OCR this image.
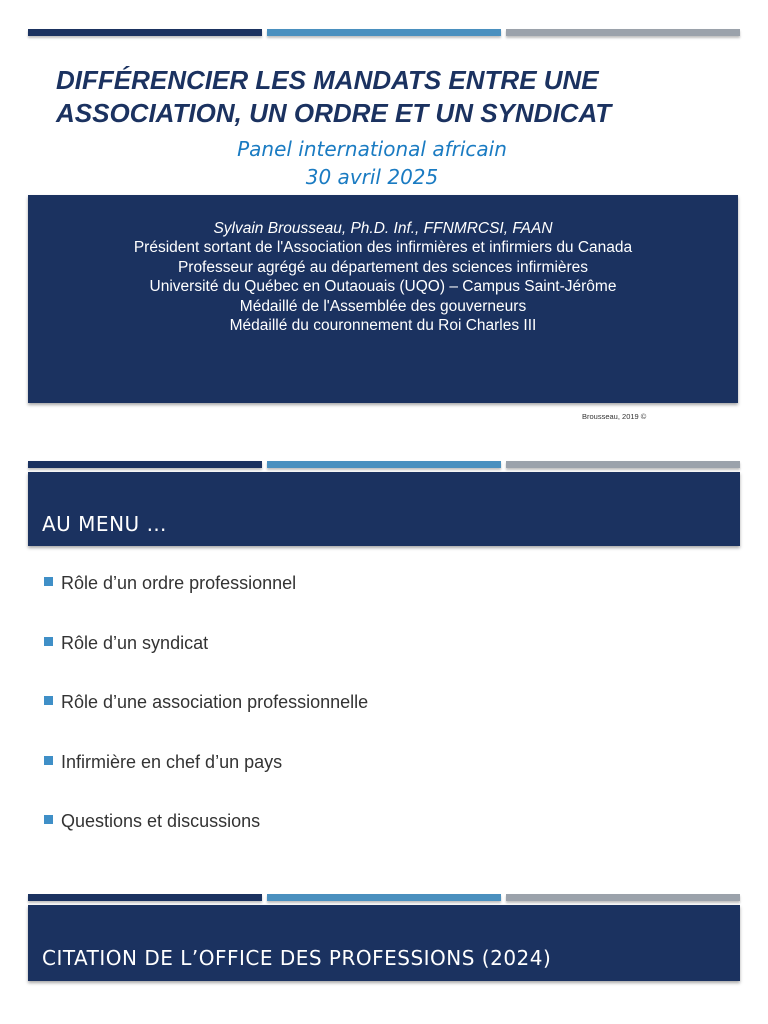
DIFFÉRENCIER LES MANDATS ENTRE UNE
ASSOCIATION, UN ORDRE ET UN SYNDICAT
Panel international africain
30 avril 2025
Sylvain Brousseau, Ph.D. Inf., FFNMRCSI, FAAN
Président sortant de l'Association des infirmières et infirmiers du Canada
Professeur agrégé au département des sciences infirmières
Université du Québec en Outaouais (UQO) – Campus Saint-Jérôme
Médaillé de l'Assemblée des gouverneurs
Médaillé du couronnement du Roi Charles III
Brousseau, 2019 ©
AU MENU …
Rôle d’un ordre professionnel
Rôle d’un syndicat
Rôle d’une association professionnelle
Infirmière en chef d’un pays
Questions et discussions
CITATION DE L’OFFICE DES PROFESSIONS (2024)
